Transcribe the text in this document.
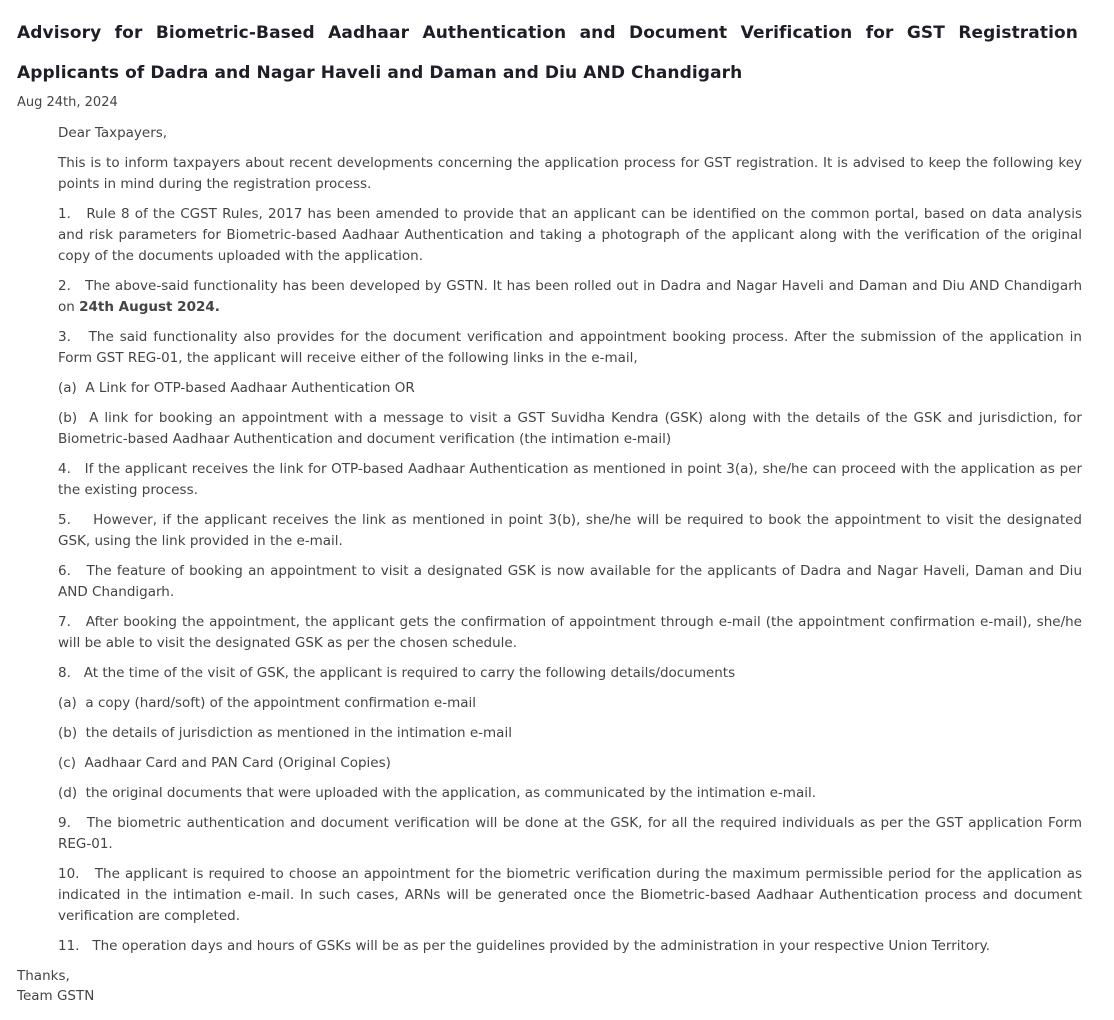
Advisory for Biometric-Based Aadhaar Authentication and Document Verification for GST Registration Applicants of Dadra and Nagar Haveli and Daman and Diu AND Chandigarh
Aug 24th, 2024

Dear Taxpayers,

This is to inform taxpayers about recent developments concerning the application process for GST registration. It is advised to keep the following key points in mind during the registration process.

1.   Rule 8 of the CGST Rules, 2017 has been amended to provide that an applicant can be identified on the common portal, based on data analysis and risk parameters for Biometric-based Aadhaar Authentication and taking a photograph of the applicant along with the verification of the original copy of the documents uploaded with the application.

2.   The above-said functionality has been developed by GSTN. It has been rolled out in Dadra and Nagar Haveli and Daman and Diu AND Chandigarh on 24th August 2024.

3.   The said functionality also provides for the document verification and appointment booking process. After the submission of the application in Form GST REG-01, the applicant will receive either of the following links in the e-mail,

(a)  A Link for OTP-based Aadhaar Authentication OR

(b)  A link for booking an appointment with a message to visit a GST Suvidha Kendra (GSK) along with the details of the GSK and jurisdiction, for Biometric-based Aadhaar Authentication and document verification (the intimation e-mail)

4.   If the applicant receives the link for OTP-based Aadhaar Authentication as mentioned in point 3(a), she/he can proceed with the application as per the existing process.

5.    However, if the applicant receives the link as mentioned in point 3(b), she/he will be required to book the appointment to visit the designated GSK, using the link provided in the e-mail.

6.   The feature of booking an appointment to visit a designated GSK is now available for the applicants of Dadra and Nagar Haveli, Daman and Diu AND Chandigarh.

7.   After booking the appointment, the applicant gets the confirmation of appointment through e-mail (the appointment confirmation e-mail), she/he will be able to visit the designated GSK as per the chosen schedule.

8.   At the time of the visit of GSK, the applicant is required to carry the following details/documents

(a)  a copy (hard/soft) of the appointment confirmation e-mail

(b)  the details of jurisdiction as mentioned in the intimation e-mail

(c)  Aadhaar Card and PAN Card (Original Copies)

(d)  the original documents that were uploaded with the application, as communicated by the intimation e-mail.

9.   The biometric authentication and document verification will be done at the GSK, for all the required individuals as per the GST application Form REG-01.

10.   The applicant is required to choose an appointment for the biometric verification during the maximum permissible period for the application as indicated in the intimation e-mail. In such cases, ARNs will be generated once the Biometric-based Aadhaar Authentication process and document verification are completed.

11.   The operation days and hours of GSKs will be as per the guidelines provided by the administration in your respective Union Territory.

Thanks,
Team GSTN
